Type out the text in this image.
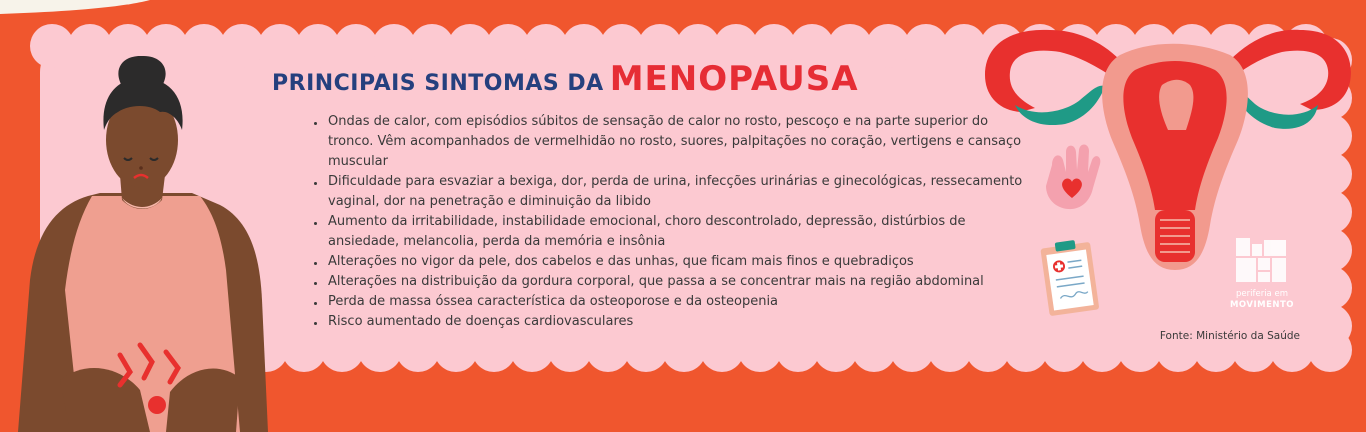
PRINCIPAIS SINTOMAS DA MENOPAUSA
Ondas de calor, com episódios súbitos de sensação de calor no rosto, pescoço e na parte superior do tronco. Vêm acompanhados de vermelhidão no rosto, suores, palpitações no coração, vertigens e cansaço muscular
Dificuldade para esvaziar a bexiga, dor, perda de urina, infecções urinárias e ginecológicas, ressecamento vaginal, dor na penetração e diminuição da libido
Aumento da irritabilidade, instabilidade emocional, choro descontrolado, depressão, distúrbios de ansiedade, melancolia, perda da memória e insônia
Alterações no vigor da pele, dos cabelos e das unhas, que ficam mais finos e quebradiços
Alterações na distribuição da gordura corporal, que passa a se concentrar mais na região abdominal
Perda de massa óssea característica da osteoporose e da osteopenia
Risco aumentado de doenças cardiovasculares

Fonte: Ministério da Saúde

periferia em
MOVIMENTO
